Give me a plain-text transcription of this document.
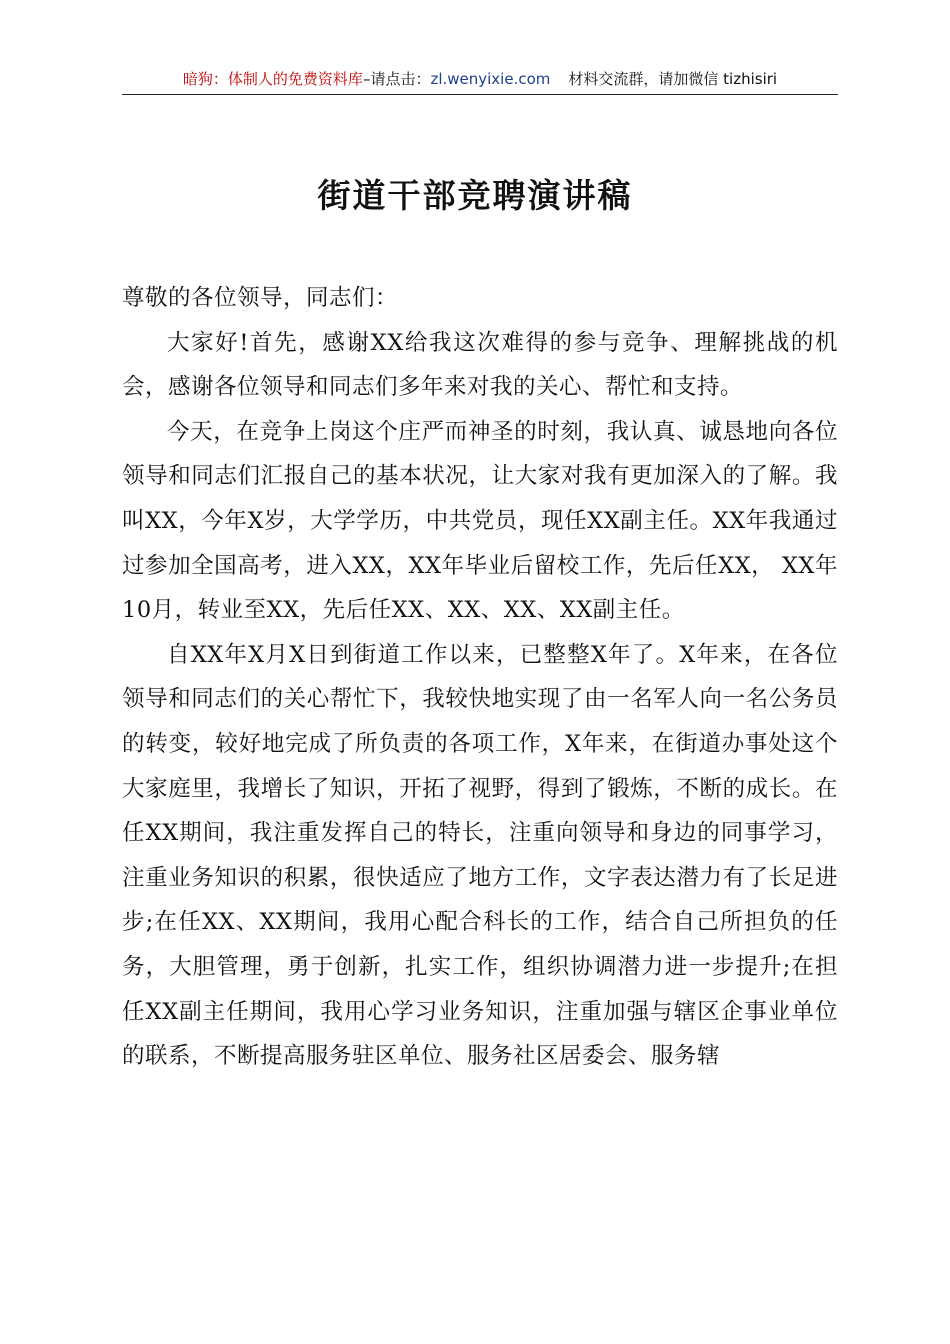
暗狗：体制人的免费资料库–请点击：zl.wenyixie.com 材料交流群，请加微信 tizhisiri
街道干部竞聘演讲稿

尊敬的各位领导，同志们：

大家好!首先，感谢XX给我这次难得的参与竞争、理解挑战的机会，感谢各位领导和同志们多年来对我的关心、帮忙和支持。

今天，在竞争上岗这个庄严而神圣的时刻，我认真、诚恳地向各位领导和同志们汇报自己的基本状况，让大家对我有更加深入的了解。我叫XX，今年X岁，大学学历，中共党员，现任XX副主任。XX年我通过过参加全国高考，进入XX，XX年毕业后留校工作，先后任XX， XX年10月，转业至XX，先后任XX、XX、XX、XX副主任。

自XX年X月X日到街道工作以来，已整整X年了。X年来，在各位领导和同志们的关心帮忙下，我较快地实现了由一名军人向一名公务员的转变，较好地完成了所负责的各项工作，X年来，在街道办事处这个大家庭里，我增长了知识，开拓了视野，得到了锻炼，不断的成长。在任XX期间，我注重发挥自己的特长，注重向领导和身边的同事学习，注重业务知识的积累，很快适应了地方工作，文字表达潜力有了长足进步;在任XX、XX期间，我用心配合科长的工作，结合自己所担负的任务，大胆管理，勇于创新，扎实工作，组织协调潜力进一步提升;在担任XX副主任期间，我用心学习业务知识，注重加强与辖区企事业单位的联系，不断提高服务驻区单位、服务社区居委会、服务辖
